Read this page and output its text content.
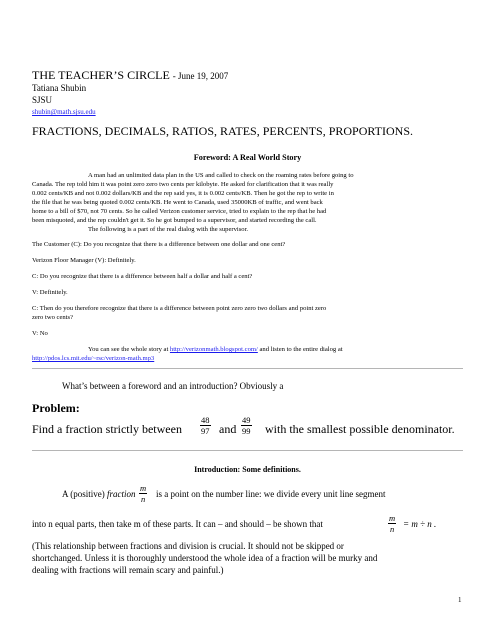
THE TEACHER’S CIRCLE - June 19, 2007
Tatiana Shubin
SJSU
shubin@math.sjsu.edu
FRACTIONS, DECIMALS, RATIOS, RATES, PERCENTS, PROPORTIONS.
Foreword: A Real World Story
A man had an unlimited data plan in the US and called to check on the roaming rates before going to
Canada. The rep told him it was point zero zero two cents per kilobyte. He asked for clarification that it was really
0.002 cents/KB and not 0.002 dollars/KB and the rep said yes, it is 0.002 cents/KB. Then he got the rep to write in
the file that he was being quoted 0.002 cents/KB. He went to Canada, used 35000KB of traffic, and went back
home to a bill of $70, not 70 cents. So he called Verizon customer service, tried to explain to the rep that he had
been misquoted, and the rep couldn't get it. So he got bumped to a supervisor, and started recording the call.
The following is a part of the real dialog with the supervisor.
The Customer (C): Do you recognize that there is a difference between one dollar and one cent?
Verizon Floor Manager (V): Definitely.
C: Do you recognize that there is a difference between half a dollar and half a cent?
V: Definitely.
C: Then do you therefore recognize that there is a difference between point zero zero two dollars and point zero
zero two cents?
V: No
You can see the whole story at http://verizonmath.blogspot.com/ and listen to the entire dialog at
http://pdos.lcs.mit.edu/~rsc/verizon-math.mp3
What’s between a foreword and an introduction? Obviously a
Problem:
Find a fraction strictly between $\frac{48}{97}$ and $\frac{49}{99}$ with the smallest possible denominator.
Introduction: Some definitions.
A (positive) fraction $\frac{m}{n}$ is a point on the number line: we divide every unit line segment
into n equal parts, then take m of these parts. It can – and should – be shown that	$\frac{m}{n} = m \div n$ .
(This relationship between fractions and division is crucial. It should not be skipped or
shortchanged. Unless it is thoroughly understood the whole idea of a fraction will be murky and
dealing with fractions will remain scary and painful.)
1
